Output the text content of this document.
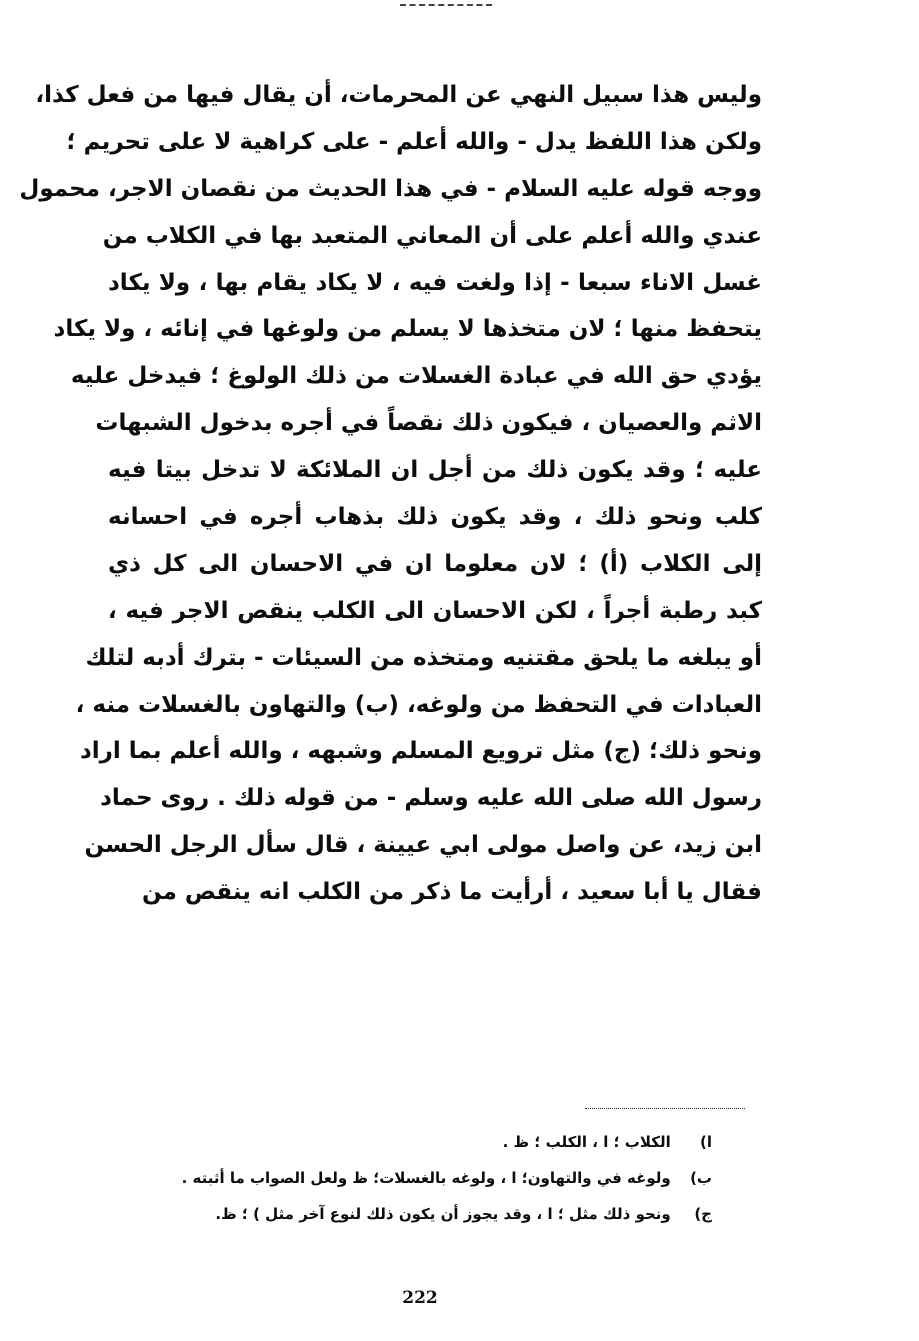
وليس هذا سبيل النهي عن المحرمات، أن يقال فيها من فعل كذا،
ولكن هذا اللفظ يدل - والله أعلم - على كراهية لا على تحريم ؛
ووجه قوله عليه السلام - في هذا الحديث من نقصان الاجر، محمول
عندي والله أعلم على أن المعاني المتعبد بها في الكلاب من
غسل الاناء سبعا - إذا ولغت فيه ، لا يكاد يقام بها ، ولا يكاد
يتحفظ منها ؛ لان متخذها لا يسلم من ولوغها في إنائه ، ولا يكاد
يؤدي حق الله في عبادة الغسلات من ذلك الولوغ ؛ فيدخل عليه
الاثم والعصيان ، فيكون ذلك نقصاً في أجره بدخول الشبهات
عليه ؛ وقد يكون ذلك من أجل ان الملائكة لا تدخل بيتا فيه
كلب ونحو ذلك ، وقد يكون ذلك بذهاب أجره في احسانه
إلى الكلاب (أ) ؛ لان معلوما ان في الاحسان الى كل ذي
كبد رطبة أجراً ، لكن الاحسان الى الكلب ينقص الاجر فيه ،
أو يبلغه ما يلحق مقتنيه ومتخذه من السيئات - بترك أدبه لتلك
العبادات في التحفظ من ولوغه، (ب) والتهاون بالغسلات منه ،
ونحو ذلك؛ (ج) مثل ترويع المسلم وشبهه ، والله أعلم بما اراد
رسول الله صلى الله عليه وسلم - من قوله ذلك . روى حماد
ابن زيد، عن واصل مولى ابي عيينة ، قال سأل الرجل الحسن
فقال يا أبا سعيد ، أرأيت ما ذكر من الكلب انه ينقص من
ا) الكلاب ؛ ا ، الكلب ؛ ظ .
ب) ولوغه في والتهاون؛ ا ، ولوغه بالغسلات؛ ظ ولعل الصواب ما أثبته .
ج) ونحو ذلك مثل ؛ ا ، وقد يجوز أن يكون ذلك لنوع آخر مثل ) ؛ ظ.
222
